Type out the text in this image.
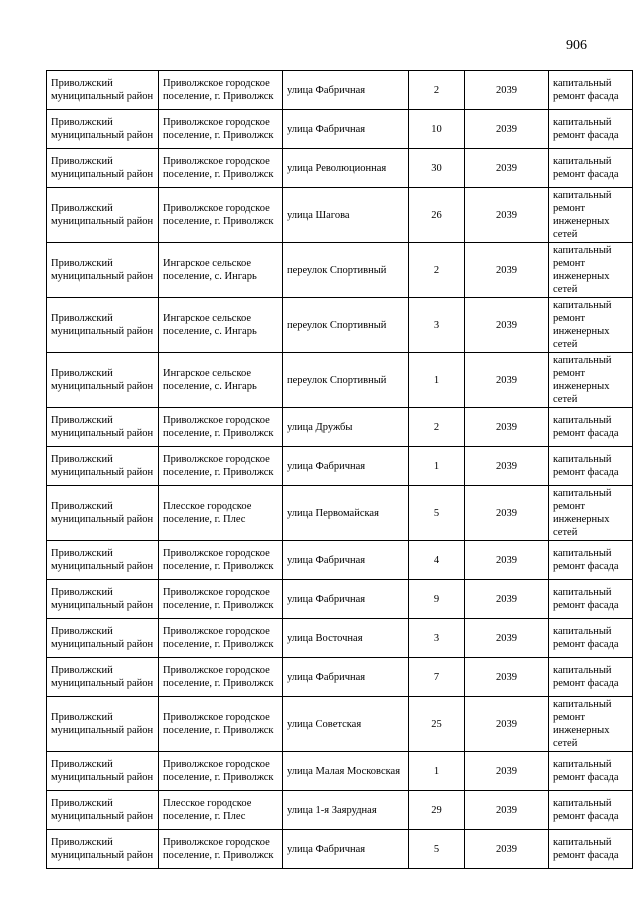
906
Приволжский муниципальный район	Приволжское городское поселение, г. Приволжск	улица Фабричная	2	2039	капитальный ремонт фасада
Приволжский муниципальный район	Приволжское городское поселение, г. Приволжск	улица Фабричная	10	2039	капитальный ремонт фасада
Приволжский муниципальный район	Приволжское городское поселение, г. Приволжск	улица Революционная	30	2039	капитальный ремонт фасада
Приволжский муниципальный район	Приволжское городское поселение, г. Приволжск	улица Шагова	26	2039	капитальный ремонт инженерных сетей
Приволжский муниципальный район	Ингарское сельское поселение, с. Ингарь	переулок Спортивный	2	2039	капитальный ремонт инженерных сетей
Приволжский муниципальный район	Ингарское сельское поселение, с. Ингарь	переулок Спортивный	3	2039	капитальный ремонт инженерных сетей
Приволжский муниципальный район	Ингарское сельское поселение, с. Ингарь	переулок Спортивный	1	2039	капитальный ремонт инженерных сетей
Приволжский муниципальный район	Приволжское городское поселение, г. Приволжск	улица Дружбы	2	2039	капитальный ремонт фасада
Приволжский муниципальный район	Приволжское городское поселение, г. Приволжск	улица Фабричная	1	2039	капитальный ремонт фасада
Приволжский муниципальный район	Плесское городское поселение, г. Плес	улица Первомайская	5	2039	капитальный ремонт инженерных сетей
Приволжский муниципальный район	Приволжское городское поселение, г. Приволжск	улица Фабричная	4	2039	капитальный ремонт фасада
Приволжский муниципальный район	Приволжское городское поселение, г. Приволжск	улица Фабричная	9	2039	капитальный ремонт фасада
Приволжский муниципальный район	Приволжское городское поселение, г. Приволжск	улица Восточная	3	2039	капитальный ремонт фасада
Приволжский муниципальный район	Приволжское городское поселение, г. Приволжск	улица Фабричная	7	2039	капитальный ремонт фасада
Приволжский муниципальный район	Приволжское городское поселение, г. Приволжск	улица Советская	25	2039	капитальный ремонт инженерных сетей
Приволжский муниципальный район	Приволжское городское поселение, г. Приволжск	улица Малая Московская	1	2039	капитальный ремонт фасада
Приволжский муниципальный район	Плесское городское поселение, г. Плес	улица 1-я Заярудная	29	2039	капитальный ремонт фасада
Приволжский муниципальный район	Приволжское городское поселение, г. Приволжск	улица Фабричная	5	2039	капитальный ремонт фасада
